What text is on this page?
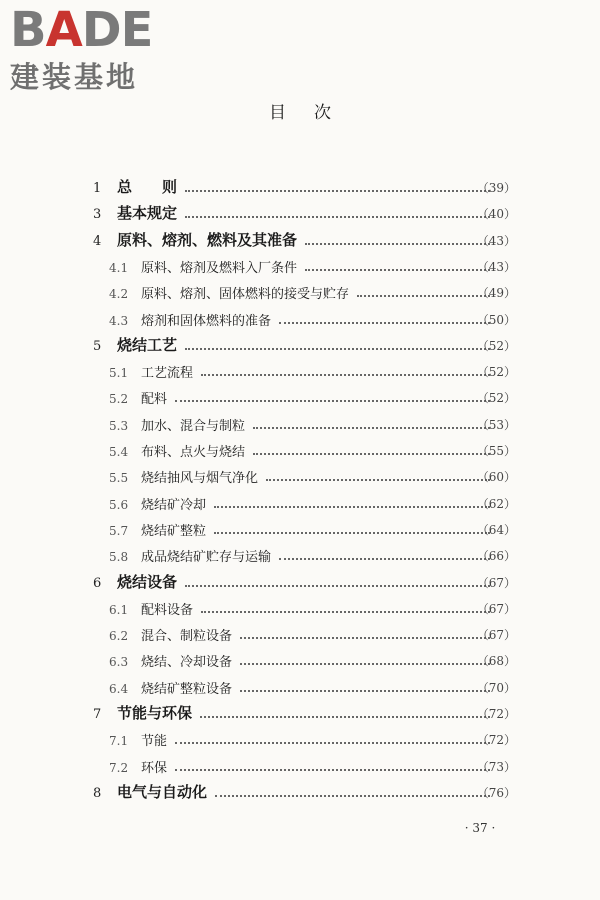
BADE
建装基地
目次
1 总　　则	（39）
3 基本规定	（40）
4 原料、熔剂、燃料及其准备	（43）
4.1 原料、熔剂及燃料入厂条件	（43）
4.2 原料、熔剂、固体燃料的接受与贮存	（49）
4.3 熔剂和固体燃料的准备	（50）
5 烧结工艺	（52）
5.1 工艺流程	（52）
5.2 配料	（52）
5.3 加水、混合与制粒	（53）
5.4 布料、点火与烧结	（55）
5.5 烧结抽风与烟气净化	（60）
5.6 烧结矿冷却	（62）
5.7 烧结矿整粒	（64）
5.8 成品烧结矿贮存与运输	（66）
6 烧结设备	（67）
6.1 配料设备	（67）
6.2 混合、制粒设备	（67）
6.3 烧结、冷却设备	（68）
6.4 烧结矿整粒设备	（70）
7 节能与环保	（72）
7.1 节能	（72）
7.2 环保	（73）
8 电气与自动化	（76）
· 37 ·
